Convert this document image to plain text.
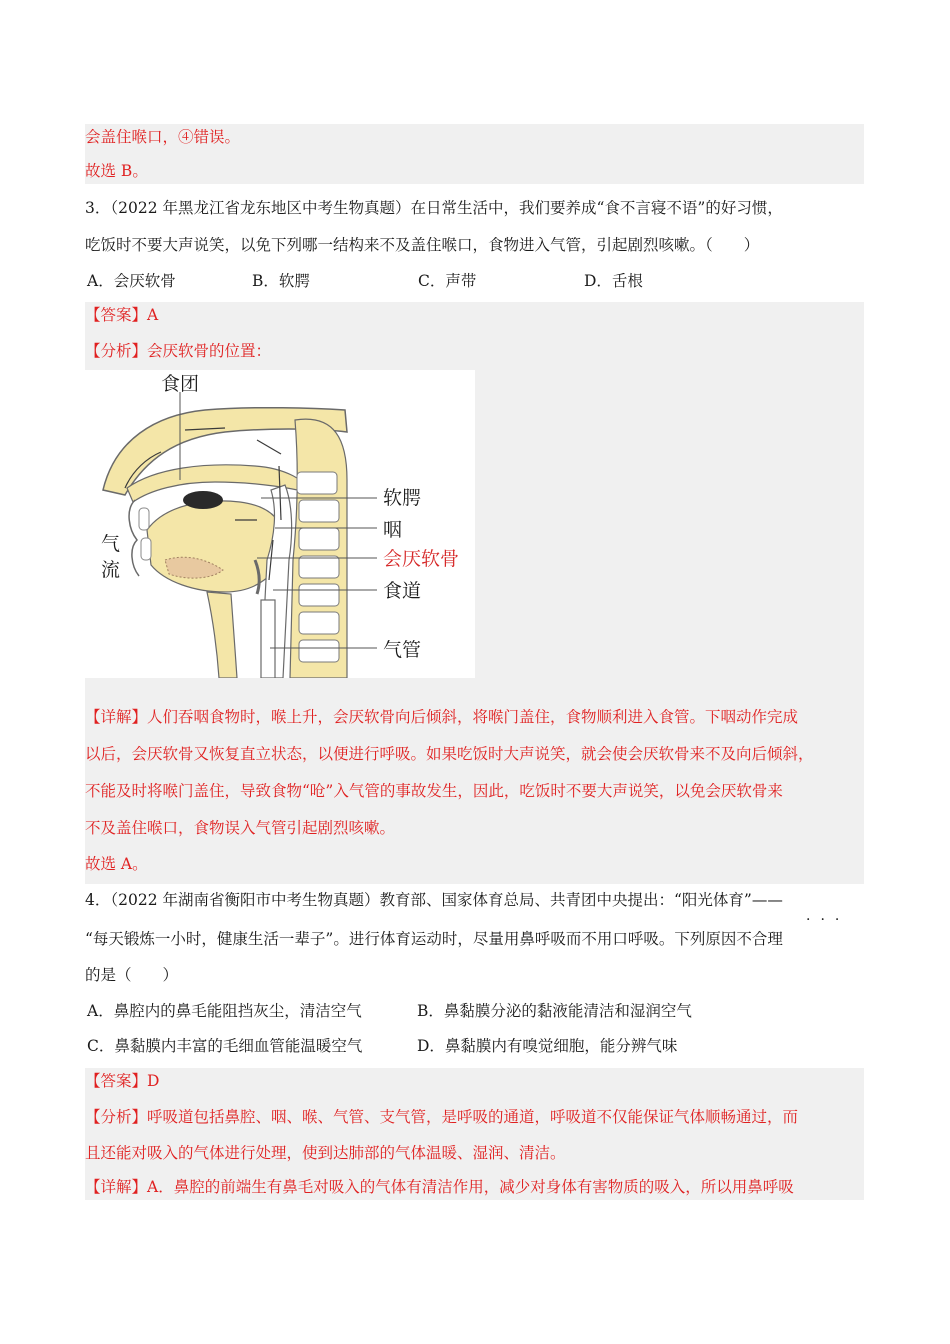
会盖住喉口，④错误。
故选 B。
3．（2022 年黑龙江省龙东地区中考生物真题）在日常生活中，我们要养成“食不言寝不语”的好习惯，
吃饭时不要大声说笑，以免下列哪一结构来不及盖住喉口，食物进入气管，引起剧烈咳嗽。（　　）
A．会厌软骨	B．软腭	C．声带	D．舌根
【答案】A
【分析】会厌软骨的位置：
食团
气
流
软腭
咽
会厌软骨
食道
气管
【详解】人们吞咽食物时，喉上升，会厌软骨向后倾斜，将喉门盖住，食物顺利进入食管。下咽动作完成
以后，会厌软骨又恢复直立状态，以便进行呼吸。如果吃饭时大声说笑，就会使会厌软骨来不及向后倾斜，
不能及时将喉门盖住，导致食物“呛”入气管的事故发生，因此，吃饭时不要大声说笑，以免会厌软骨来
不及盖住喉口，食物误入气管引起剧烈咳嗽。
故选 A。
4．（2022 年湖南省衡阳市中考生物真题）教育部、国家体育总局、共青团中央提出：“阳光体育”——
···
“每天锻炼一小时，健康生活一辈子”。进行体育运动时，尽量用鼻呼吸而不用口呼吸。下列原因不合理
的是（　　）
A．鼻腔内的鼻毛能阻挡灰尘，清洁空气	B．鼻黏膜分泌的黏液能清洁和湿润空气
C．鼻黏膜内丰富的毛细血管能温暖空气	D．鼻黏膜内有嗅觉细胞，能分辨气味
【答案】D
【分析】呼吸道包括鼻腔、咽、喉、气管、支气管，是呼吸的通道，呼吸道不仅能保证气体顺畅通过，而
且还能对吸入的气体进行处理，使到达肺部的气体温暖、湿润、清洁。
【详解】A．鼻腔的前端生有鼻毛对吸入的气体有清洁作用，减少对身体有害物质的吸入，所以用鼻呼吸
